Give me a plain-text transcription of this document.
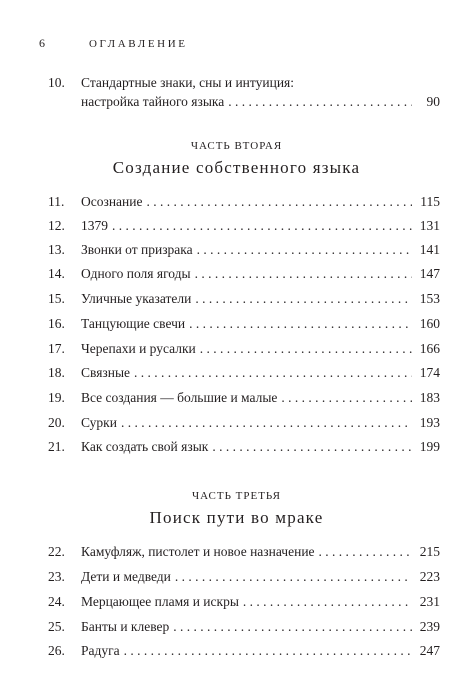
6	ОГЛАВЛЕНИЕ
10.	Стандартные знаки, сны и интуиция:
настройка тайного языка . . .	90
ЧАСТЬ ВТОРАЯ
Создание собственного языка
11.	Осознание . . .	115
12.	1379 . . .	131
13.	Звонки от призрака . . .	141
14.	Одного поля ягоды . . .	147
15.	Уличные указатели . . .	153
16.	Танцующие свечи . . .	160
17.	Черепахи и русалки . . .	166
18.	Связные . . .	174
19.	Все создания — большие и малые . . .	183
20.	Сурки . . .	193
21.	Как создать свой язык . . .	199
ЧАСТЬ ТРЕТЬЯ
Поиск пути во мраке
22.	Камуфляж, пистолет и новое назначение . . .	215
23.	Дети и медведи . . .	223
24.	Мерцающее пламя и искры . . .	231
25.	Банты и клевер . . .	239
26.	Радуга . . .	247
